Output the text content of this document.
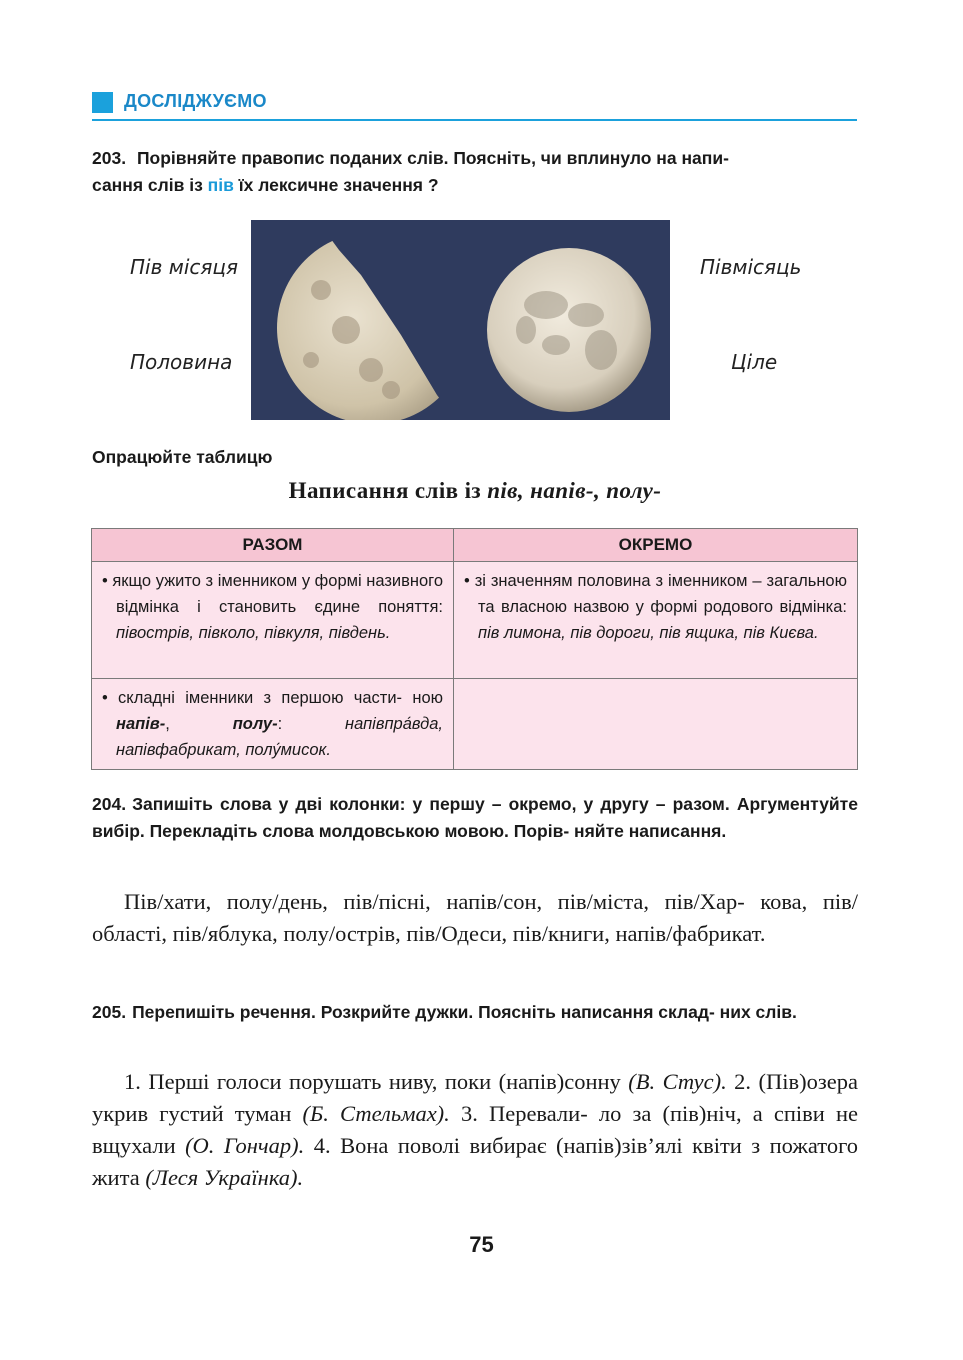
ДОСЛІДЖУЄМО
203. Порівняйте правопис поданих слів. Поясніть, чи вплинуло на напи-
сання слів із пів їх лексичне значення ?
Пів місяця
Половина
Півмісяць
Ціле
Опрацюйте таблицю
Написання слів із пів, напів-, полу-
РАЗОМ	ОКРЕМО

• якщо ужито з іменником у формі називного відмінка і становить єдине поняття: півострів, півколо, півкуля, південь.	• зі значенням половина з іменником – загальною та власною назвою у формі родового відмінка: пів лимона, пів дороги, пів ящика, пів Києва.

• складні іменники з першою части- ною напів-, полу-: напівпра́вда, напівфабрикат, полу́мисок.	

204. Запишіть слова у дві колонки: у першу – окремо, у другу – разом. Аргументуйте вибір. Перекладіть слова молдовською мовою. Порів- няйте написання.
Пів/хати, полу/день, пів/пісні, напів/сон, пів/міста, пів/Хар- кова, пів/області, пів/яблука, полу/острів, пів/Одеси, пів/книги, напів/фабрикат.
205. Перепишіть речення. Розкрийте дужки. Поясніть написання склад- них слів.
1. Перші голоси порушать ниву, поки (напів)сонну (В. Стус). 2. (Пів)озера укрив густий туман (Б. Стельмах). 3. Перевали- ло за (пів)ніч, а співи не вщухали (О. Гончар). 4. Вона поволі вибирає (напів)зів’ялі квіти з пожатого жита (Леся Українка).
75
